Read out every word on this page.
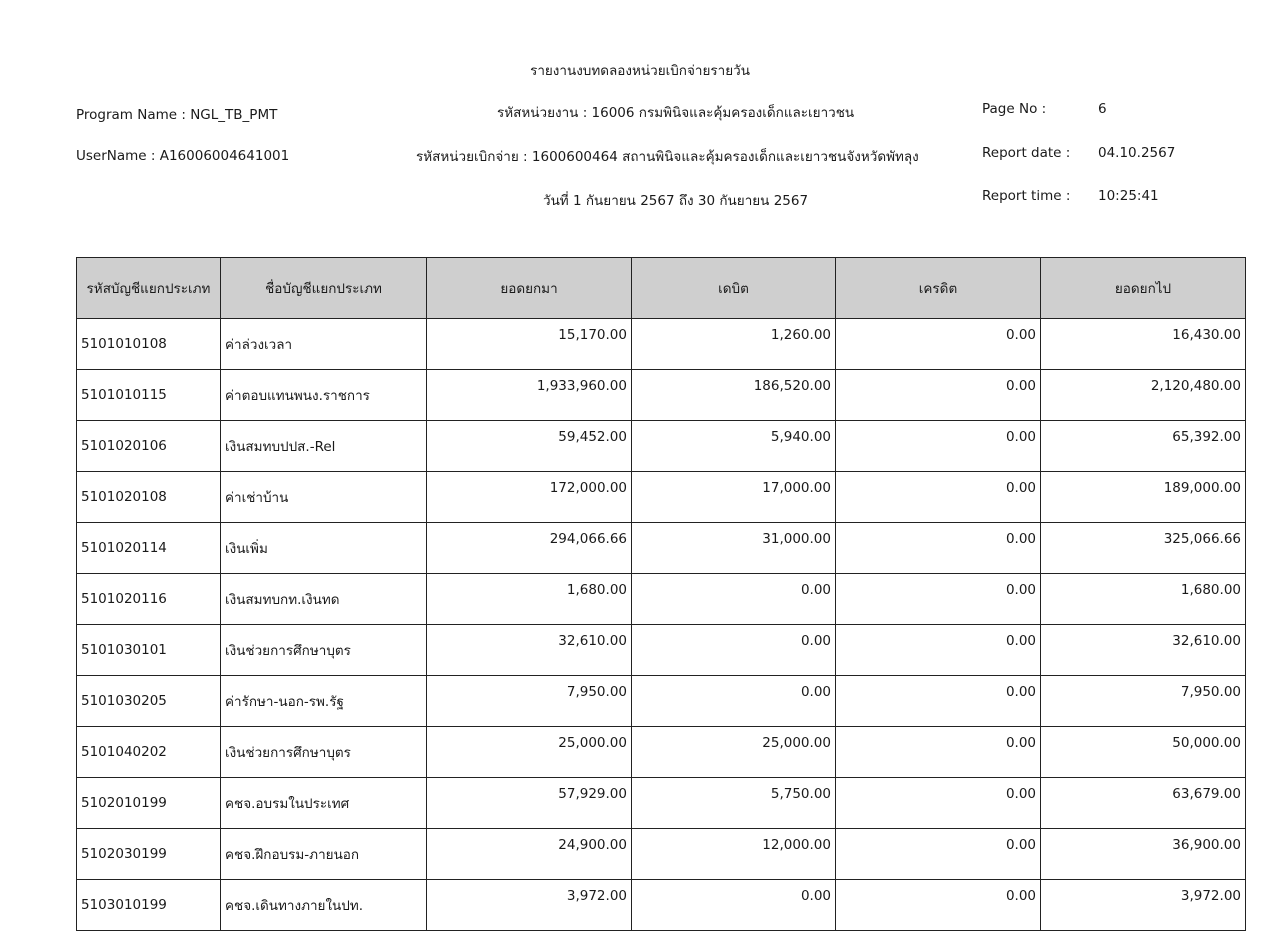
รายงานงบทดลองหน่วยเบิกจ่ายรายวัน
Program Name : NGL_TB_PMT	รหัสหน่วยงาน : 16006 กรมพินิจและคุ้มครองเด็กและเยาวชน	Page No :	6
UserName : A16006004641001	รหัสหน่วยเบิกจ่าย : 1600600464 สถานพินิจและคุ้มครองเด็กและเยาวชนจังหวัดพัทลุง	Report date : 04.10.2567
วันที่ 1 กันยายน 2567 ถึง 30 กันยายน 2567	Report time : 10:25:41
รหัสบัญชีแยกประเภท	ชื่อบัญชีแยกประเภท	ยอดยกมา	เดบิต	เครดิต	ยอดยกไป
5101010108	ค่าล่วงเวลา	15,170.00	1,260.00	0.00	16,430.00
5101010115	ค่าตอบแทนพนง.ราชการ	1,933,960.00	186,520.00	0.00	2,120,480.00
5101020106	เงินสมทบปปส.-Rel	59,452.00	5,940.00	0.00	65,392.00
5101020108	ค่าเช่าบ้าน	172,000.00	17,000.00	0.00	189,000.00
5101020114	เงินเพิ่ม	294,066.66	31,000.00	0.00	325,066.66
5101020116	เงินสมทบกท.เงินทด	1,680.00	0.00	0.00	1,680.00
5101030101	เงินช่วยการศึกษาบุตร	32,610.00	0.00	0.00	32,610.00
5101030205	ค่ารักษา-นอก-รพ.รัฐ	7,950.00	0.00	0.00	7,950.00
5101040202	เงินช่วยการศึกษาบุตร	25,000.00	25,000.00	0.00	50,000.00
5102010199	คชจ.อบรมในประเทศ	57,929.00	5,750.00	0.00	63,679.00
5102030199	คชจ.ฝึกอบรม-ภายนอก	24,900.00	12,000.00	0.00	36,900.00
5103010199	คชจ.เดินทางภายในปท.	3,972.00	0.00	0.00	3,972.00
